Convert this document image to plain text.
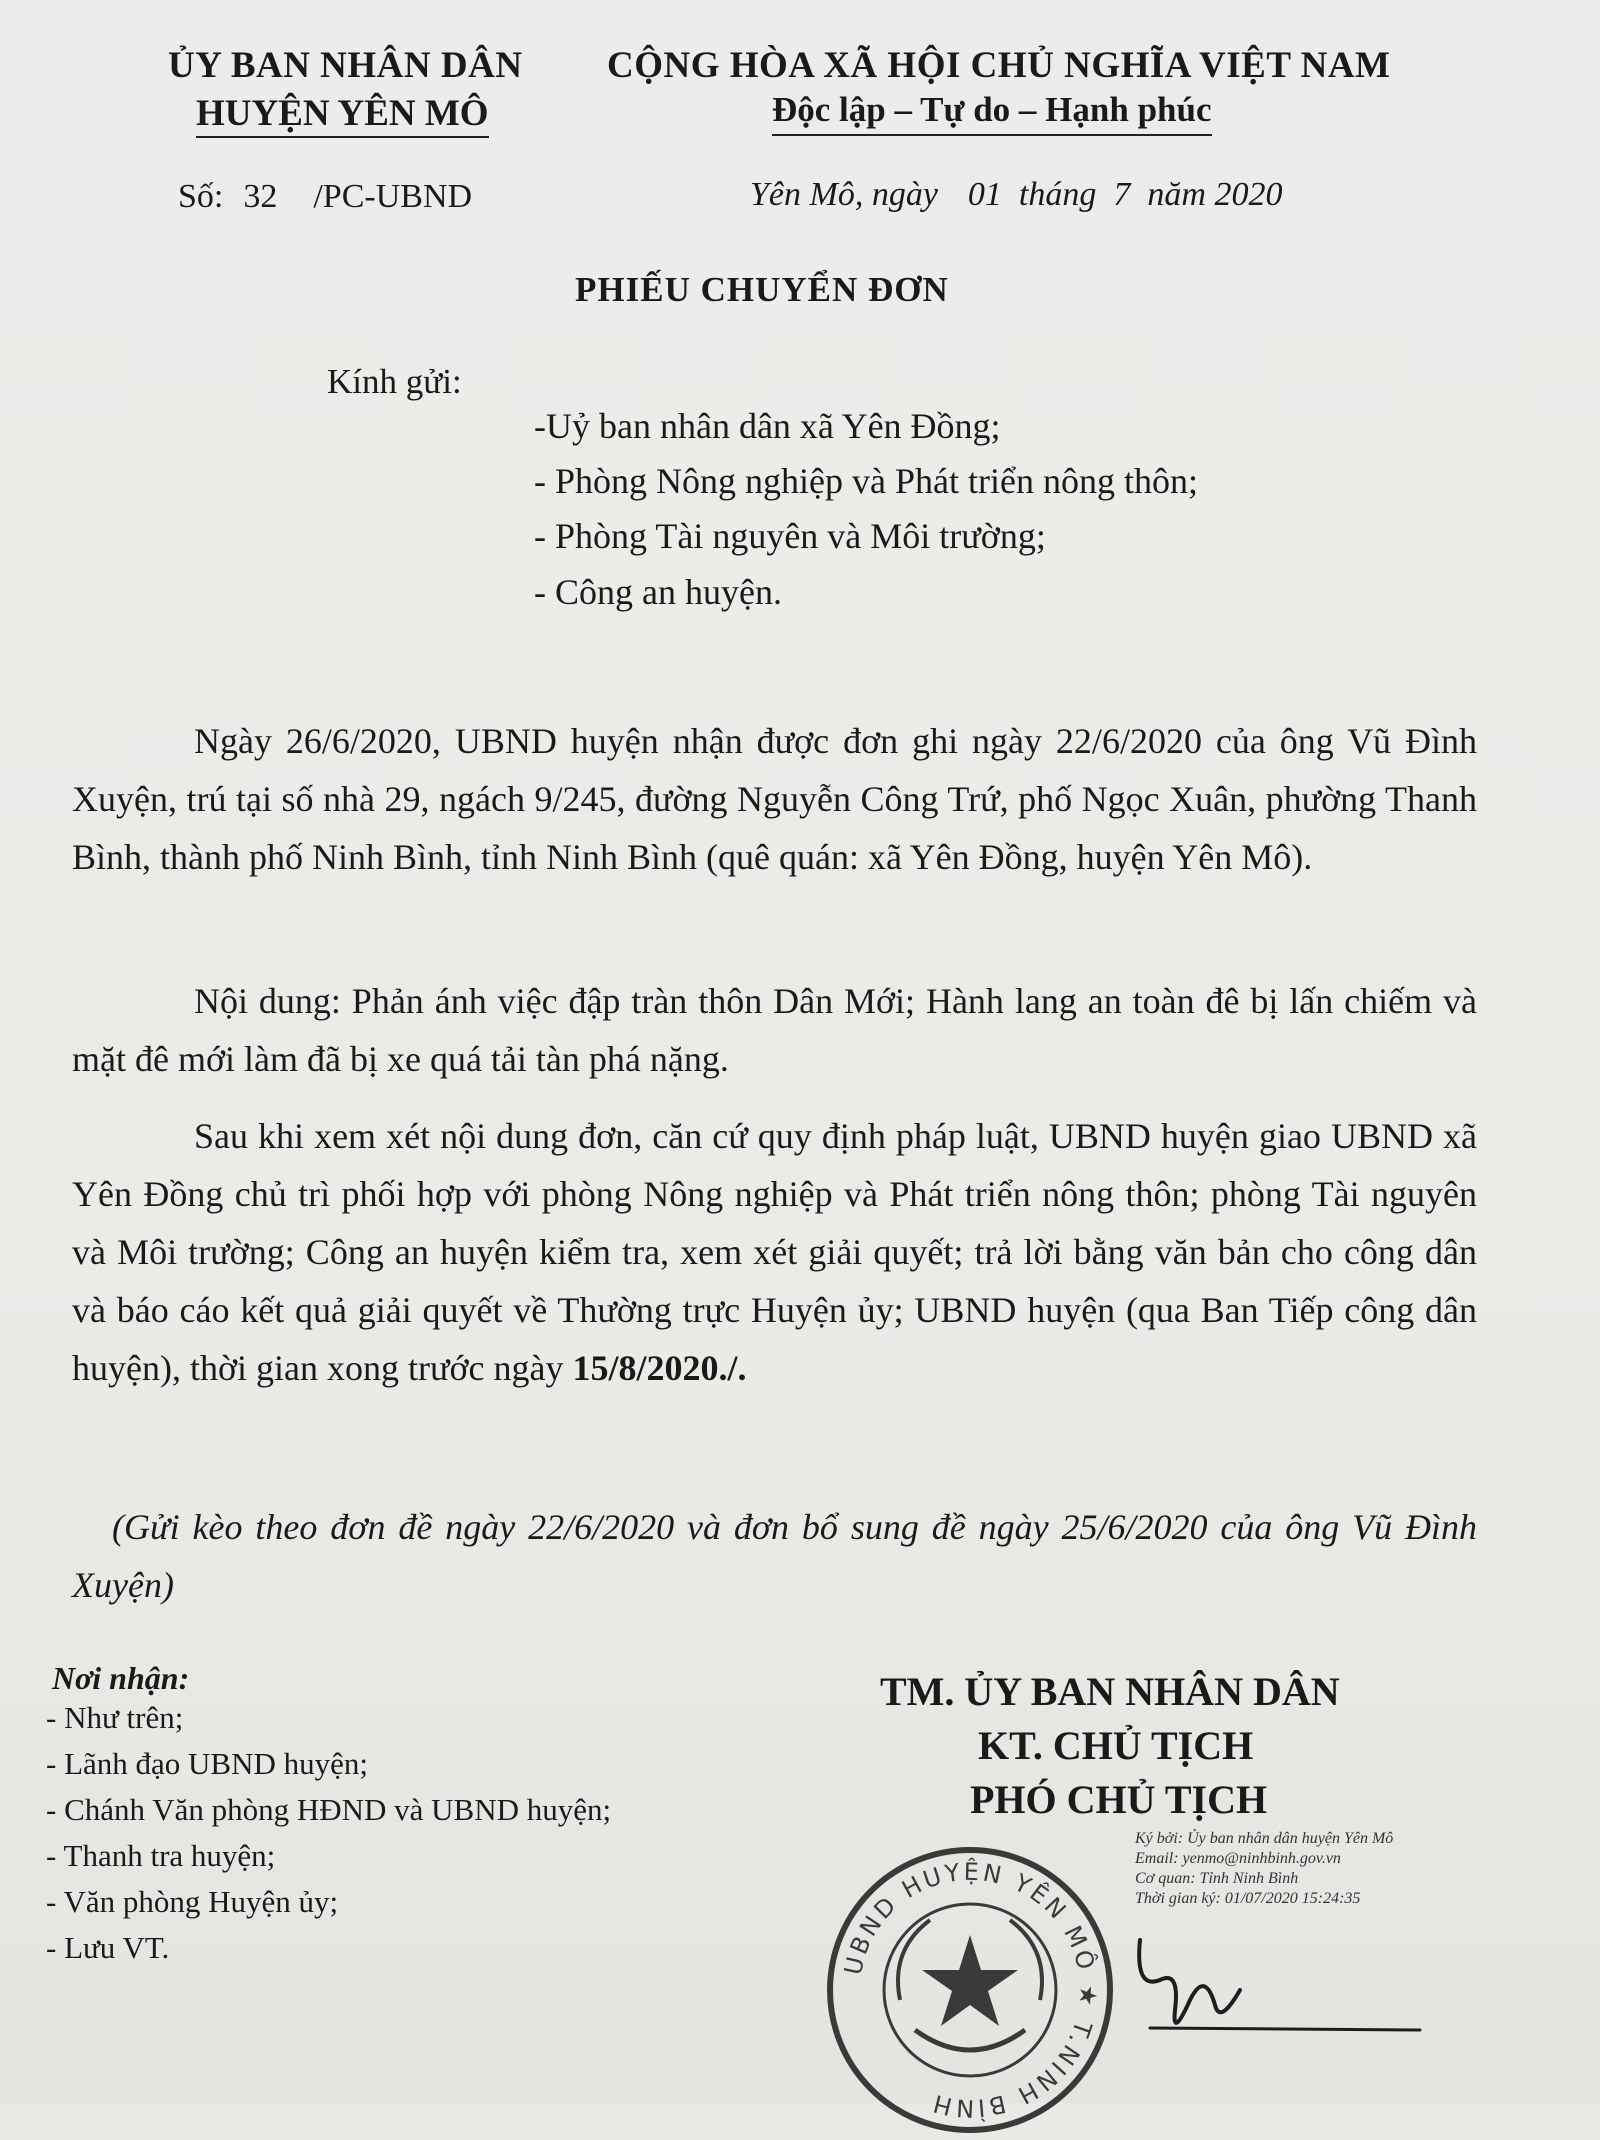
ỦY BAN NHÂN DÂN
HUYỆN YÊN MÔ
CỘNG HÒA XÃ HỘI CHỦ NGHĨA VIỆT NAM
Độc lập – Tự do – Hạnh phúc
Số: 32 /PC-UBND	Yên Mô, ngày 01 tháng 7 năm 2020
PHIẾU CHUYỂN ĐƠN
Kính gửi:
-Uỷ ban nhân dân xã Yên Đồng;
- Phòng Nông nghiệp và Phát triển nông thôn;
- Phòng Tài nguyên và Môi trường;
- Công an huyện.
Ngày 26/6/2020, UBND huyện nhận được đơn ghi ngày 22/6/2020 của ông Vũ Đình Xuyện, trú tại số nhà 29, ngách 9/245, đường Nguyễn Công Trứ, phố Ngọc Xuân, phường Thanh Bình, thành phố Ninh Bình, tỉnh Ninh Bình (quê quán: xã Yên Đồng, huyện Yên Mô).
Nội dung: Phản ánh việc đập tràn thôn Dân Mới; Hành lang an toàn đê bị lấn chiếm và mặt đê mới làm đã bị xe quá tải tàn phá nặng.
Sau khi xem xét nội dung đơn, căn cứ quy định pháp luật, UBND huyện giao UBND xã Yên Đồng chủ trì phối hợp với phòng Nông nghiệp và Phát triển nông thôn; phòng Tài nguyên và Môi trường; Công an huyện kiểm tra, xem xét giải quyết; trả lời bằng văn bản cho công dân và báo cáo kết quả giải quyết về Thường trực Huyện ủy; UBND huyện (qua Ban Tiếp công dân huyện), thời gian xong trước ngày 15/8/2020./.
(Gửi kèo theo đơn đề ngày 22/6/2020 và đơn bổ sung đề ngày 25/6/2020 của ông Vũ Đình Xuyện)
Nơi nhận:
- Như trên;
- Lãnh đạo UBND huyện;
- Chánh Văn phòng HĐND và UBND huyện;
- Thanh tra huyện;
- Văn phòng Huyện ủy;
- Lưu VT.
TM. ỦY BAN NHÂN DÂN
KT. CHỦ TỊCH
PHÓ CHỦ TỊCH
Ký bởi: Ủy ban nhân dân huyện Yên Mô
Email: yenmo@ninhbinh.gov.vn
Cơ quan: Tỉnh Ninh Bình
Thời gian ký: 01/07/2020 15:24:35
UBND HUYỆN YÊN MÔ ★ T.NINH BÌNH
